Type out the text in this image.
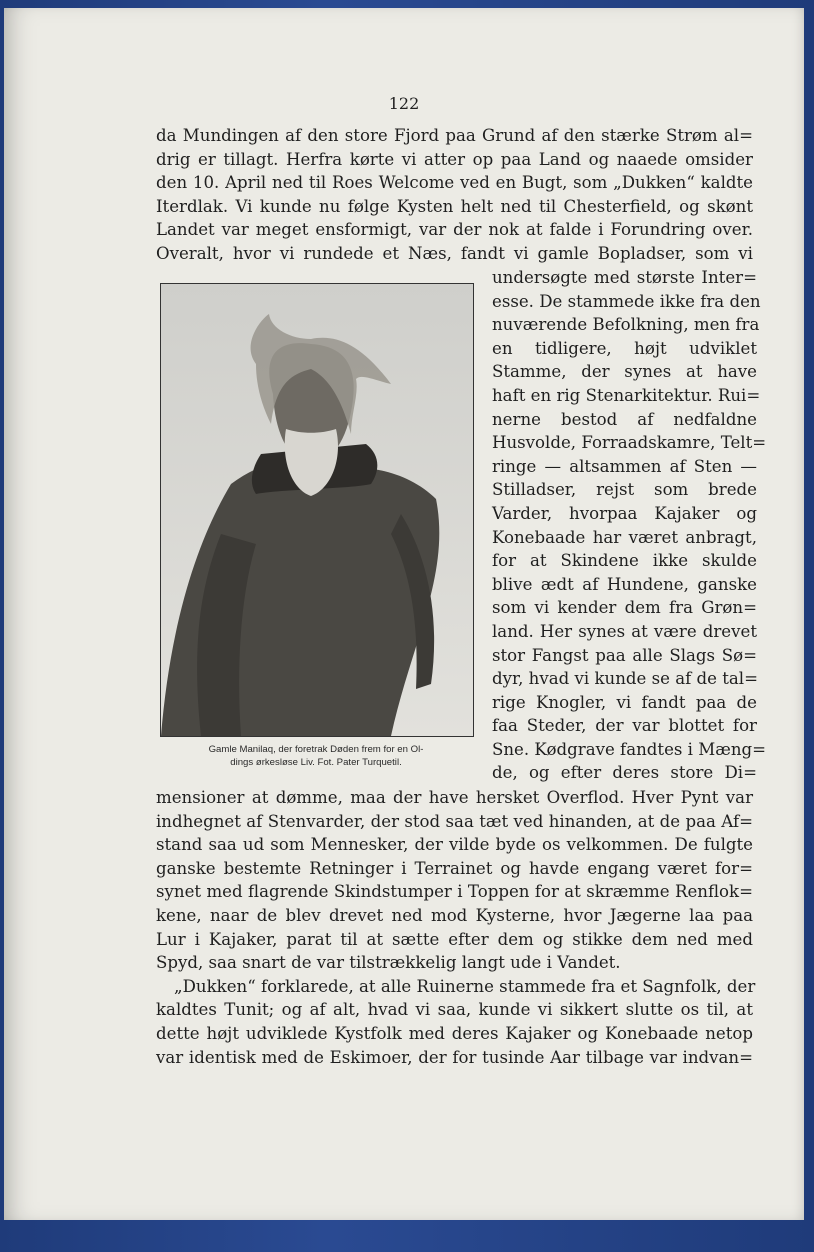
122
da Mundingen af den store Fjord paa Grund af den stærke Strøm al=
drig er tillagt. Herfra kørte vi atter op paa Land og naaede omsider
den 10. April ned til Roes Welcome ved en Bugt, som „Dukken“ kaldte
Iterdlak. Vi kunde nu følge Kysten helt ned til Chesterfield, og skønt
Landet var meget ensformigt, var der nok at falde i Forundring over.
Overalt, hvor vi rundede et Næs, fandt vi gamle Bopladser, som vi
Gamle Manilaq, der foretrak Døden frem for en Ol-
dings ørkesløse Liv. Fot. Pater Turquetil.
undersøgte med største Inter=
esse. De stammede ikke fra den
nuværende Befolkning, men fra
en tidligere, højt udviklet
Stamme, der synes at have
haft en rig Stenarkitektur. Rui=
nerne bestod af nedfaldne
Husvolde, Forraadskamre, Telt=
ringe — altsammen af Sten —
Stilladser, rejst som brede
Varder, hvorpaa Kajaker og
Konebaade har været anbragt,
for at Skindene ikke skulde
blive ædt af Hundene, ganske
som vi kender dem fra Grøn=
land. Her synes at være drevet
stor Fangst paa alle Slags Sø=
dyr, hvad vi kunde se af de tal=
rige Knogler, vi fandt paa de
faa Steder, der var blottet for
Sne. Kødgrave fandtes i Mæng=
de, og efter deres store Di=
mensioner at dømme, maa der have hersket Overflod. Hver Pynt var
indhegnet af Stenvarder, der stod saa tæt ved hinanden, at de paa Af=
stand saa ud som Mennesker, der vilde byde os velkommen. De fulgte
ganske bestemte Retninger i Terrainet og havde engang været for=
synet med flagrende Skindstumper i Toppen for at skræmme Renflok=
kene, naar de blev drevet ned mod Kysterne, hvor Jægerne laa paa
Lur i Kajaker, parat til at sætte efter dem og stikke dem ned med
Spyd, saa snart de var tilstrækkelig langt ude i Vandet.
„Dukken“ forklarede, at alle Ruinerne stammede fra et Sagnfolk, der
kaldtes Tunit; og af alt, hvad vi saa, kunde vi sikkert slutte os til, at
dette højt udviklede Kystfolk med deres Kajaker og Konebaade netop
var identisk med de Eskimoer, der for tusinde Aar tilbage var indvan=
